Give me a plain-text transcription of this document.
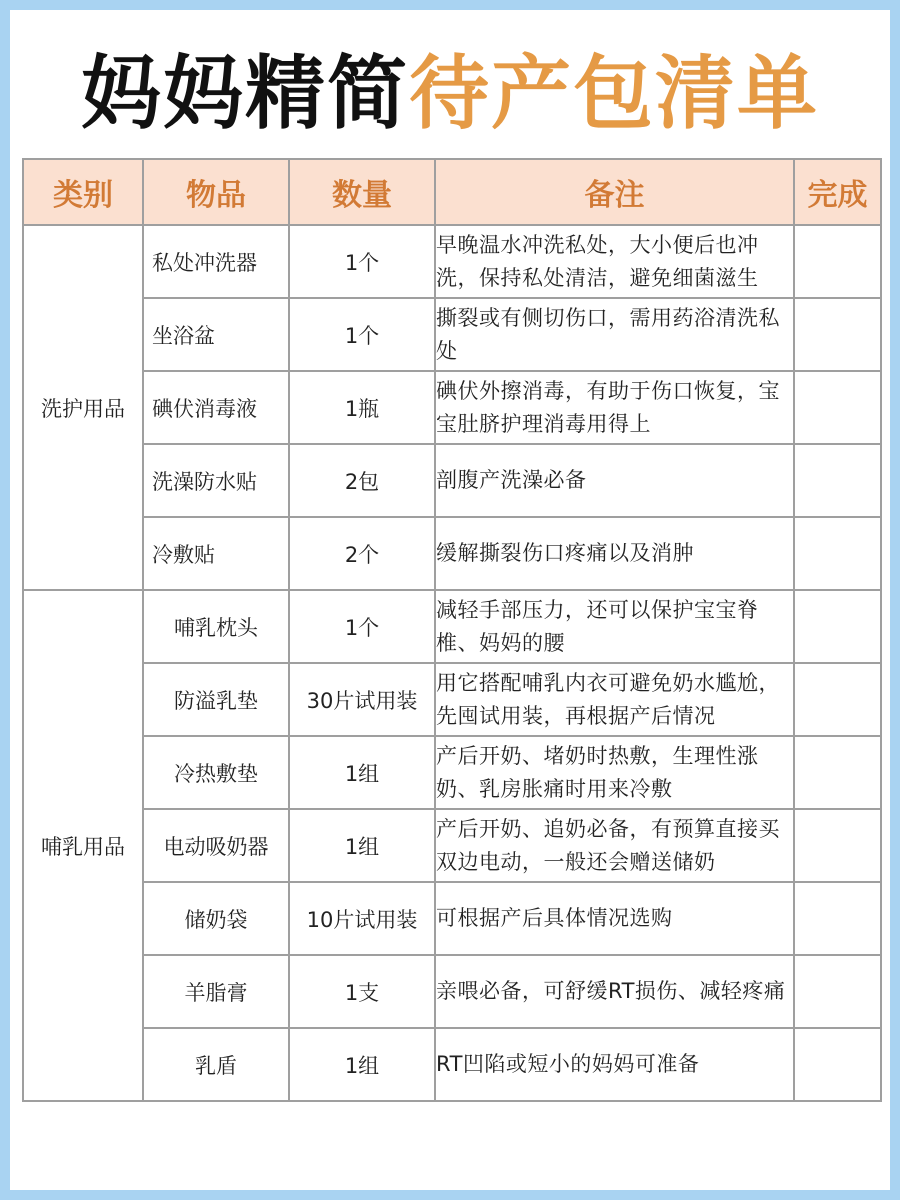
妈妈精简待产包清单
类别	物品	数量	备注	完成
洗护用品	私处冲洗器	1个	早晚温水冲洗私处，大小便后也冲洗，保持私处清洁，避免细菌滋生	
	坐浴盆	1个	撕裂或有侧切伤口，需用药浴清洗私处	
	碘伏消毒液	1瓶	碘伏外擦消毒，有助于伤口恢复，宝宝肚脐护理消毒用得上	
	洗澡防水贴	2包	剖腹产洗澡必备	
	冷敷贴	2个	缓解撕裂伤口疼痛以及消肿	
哺乳用品	哺乳枕头	1个	减轻手部压力，还可以保护宝宝脊椎、妈妈的腰	
	防溢乳垫	30片试用装	用它搭配哺乳内衣可避免奶水尴尬，先囤试用装，再根据产后情况	
	冷热敷垫	1组	产后开奶、堵奶时热敷，生理性涨奶、乳房胀痛时用来冷敷	
	电动吸奶器	1组	产后开奶、追奶必备，有预算直接买双边电动，一般还会赠送储奶	
	储奶袋	10片试用装	可根据产后具体情况选购	
	羊脂膏	1支	亲喂必备，可舒缓RT损伤、减轻疼痛	
	乳盾	1组	RT凹陷或短小的妈妈可准备	
